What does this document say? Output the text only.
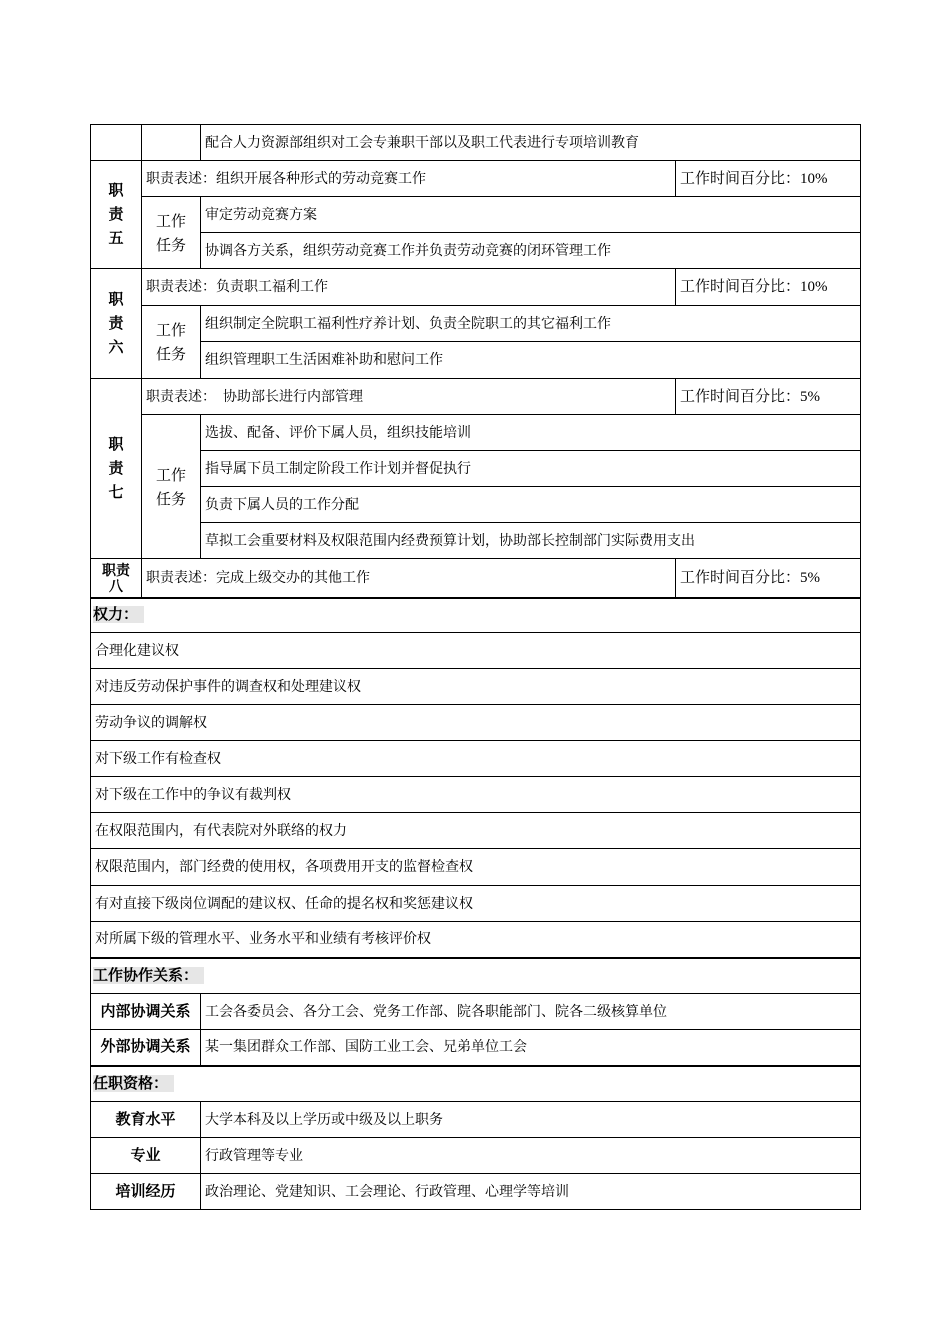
		配合人力资源部组织对工会专兼职干部以及职工代表进行专项培训教育	
职
责
五	职责表述：组织开展各种形式的劳动竞赛工作		工作时间百分比：10%
	工作
任务	审定劳动竞赛方案	
		协调各方关系，组织劳动竞赛工作并负责劳动竞赛的闭环管理工作	
职
责
六	职责表述：负责职工福利工作		工作时间百分比：10%
	工作
任务	组织制定全院职工福利性疗养计划、负责全院职工的其它福利工作	
		组织管理职工生活困难补助和慰问工作	
职
责
七	职责表述：　协助部长进行内部管理		工作时间百分比：5%
	工作
任务	选拔、配备、评价下属人员，组织技能培训	
		指导属下员工制定阶段工作计划并督促执行	
		负责下属人员的工作分配	
		草拟工会重要材料及权限范围内经费预算计划，协助部长控制部门实际费用支出	
职责
八	职责表述：完成上级交办的其他工作		工作时间百分比：5%
权力：			
合理化建议权			
对违反劳动保护事件的调查权和处理建议权			
劳动争议的调解权			
对下级工作有检查权			
对下级在工作中的争议有裁判权			
在权限范围内，有代表院对外联络的权力			
权限范围内，部门经费的使用权，各项费用开支的监督检查权			
有对直接下级岗位调配的建议权、任命的提名权和奖惩建议权			
对所属下级的管理水平、业务水平和业绩有考核评价权			
工作协作关系：			
内部协调关系		工会各委员会、各分工会、党务工作部、院各职能部门、院各二级核算单位	
外部协调关系		某一集团群众工作部、国防工业工会、兄弟单位工会	
任职资格：			
教育水平		大学本科及以上学历或中级及以上职务	
专业		行政管理等专业	
培训经历		政治理论、党建知识、工会理论、行政管理、心理学等培训	
